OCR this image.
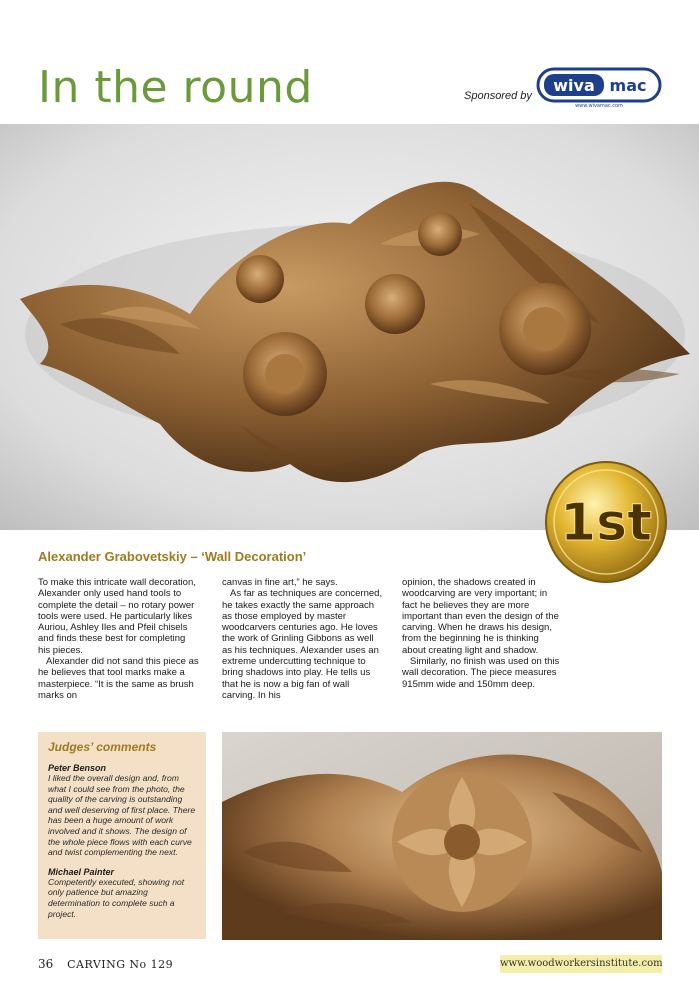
In the round	Sponsored by
wiva mac
www.wivamac.com
1st
Alexander Grabovetskiy – ‘Wall Decoration’

To make this intricate wall decoration, Alexander only used hand tools to complete the detail – no rotary power tools were used. He particularly likes Auriou, Ashley Iles and Pfeil chisels and finds these best for completing his pieces.

Alexander did not sand this piece as he believes that tool marks make a masterpiece. “It is the same as brush marks on

canvas in fine art,” he says.

As far as techniques are concerned, he takes exactly the same approach as those employed by master woodcarvers centuries ago. He loves the work of Grinling Gibbons as well as his techniques. Alexander uses an extreme undercutting technique to bring shadows into play. He tells us that he is now a big fan of wall carving. In his

opinion, the shadows created in woodcarving are very important; in fact he believes they are more important than even the design of the carving. When he draws his design, from the beginning he is thinking about creating light and shadow.

Similarly, no finish was used on this wall decoration. The piece measures 915mm wide and 150mm deep.

Judges’ comments

Peter Benson

I liked the overall design and, from what I could see from the photo, the quality of the carving is outstanding and well deserving of first place. There has been a huge amount of work involved and it shows. The design of the whole piece flows with each curve and twist complementing the next.

Michael Painter

Competently executed, showing not only patience but amazing determination to complete such a project.

36 CARVING No 129	www.woodworkersinstitute.com
